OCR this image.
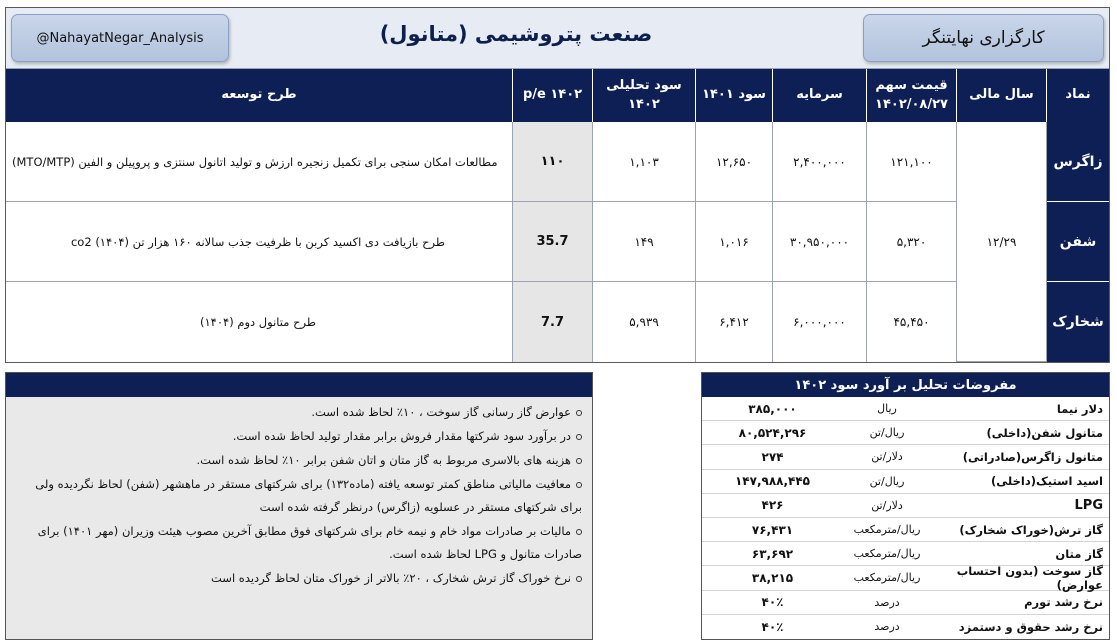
@NahayatNegar_Analysis	صنعت پتروشیمی (متانول)	کارگزاری نهایتنگر
نماد
سال مالی
قیمت سهم
۱۴۰۲/۰۸/۲۷
سرمایه
سود ۱۴۰۱
سود تحلیلی ۱۴۰۲
p/e ۱۴۰۲
طرح توسعه
۱۲/۲۹
زاگرس
۱۲۱,۱۰۰
۲,۴۰۰,۰۰۰
۱۲,۶۵۰
۱,۱۰۳
۱۱۰
مطالعات امکان سنجی برای تکمیل زنجیره ارزش و تولید اتانول سنتزی و پروپیلن و الفین (MTO/MTP)
شفن
۵,۳۲۰
۳۰,۹۵۰,۰۰۰
۱,۰۱۶
۱۴۹
35.7
طرح بازیافت دی اکسید کربن با ظرفیت جذب سالانه ۱۶۰ هزار تن co2 (۱۴۰۴)
شخارک
۴۵,۴۵۰
۶,۰۰۰,۰۰۰
۶,۴۱۲
۵,۹۳۹
7.7
طرح متانول دوم (۱۴۰۴)
عوارض گاز رسانی گاز سوخت ، ۱۰٪ لحاظ شده است.
در برآورد سود شرکتها مقدار فروش برابر مقدار تولید لحاظ شده است.
هزینه های بالاسری مربوط به گاز متان و اتان شفن برابر ۱۰٪ لحاظ شده است.
معافیت مالیاتی مناطق کمتر توسعه یافته (ماده۱۳۲) برای شرکتهای مستقر در ماهشهر (شفن) لحاظ نگردیده ولی برای شرکتهای مستقر در عسلویه (زاگرس) درنظر گرفته شده است
مالیات بر صادرات مواد خام و نیمه خام برای شرکتهای فوق مطابق آخرین مصوب هیئت وزیران (مهر ۱۴۰۱) برای صادرات متانول و LPG لحاظ شده است.
نرخ خوراک گاز ترش شخارک ، ۲۰٪ بالاتر از خوراک متان لحاظ گردیده است
مفروضات تحلیل بر آورد سود ۱۴۰۲
دلار نیما
ریال
۳۸۵,۰۰۰
متانول شفن(داخلی)
ریال/تن
۸۰,۵۲۴,۲۹۶
متانول زاگرس(صادراتی)
دلار/تن
۲۷۴
اسید استیک(داخلی)
ریال/تن
۱۴۷,۹۸۸,۴۴۵
LPG
دلار/تن
۴۲۶
گاز ترش(خوراک شخارک)
ریال/مترمکعب
۷۶,۴۳۱
گاز متان
ریال/مترمکعب
۶۳,۶۹۲
گاز سوخت (بدون احتساب عوارض)
ریال/مترمکعب
۳۸,۲۱۵
نرخ رشد تورم
درصد
۴۰٪
نرخ رشد حقوق و دستمزد
درصد
۴۰٪
